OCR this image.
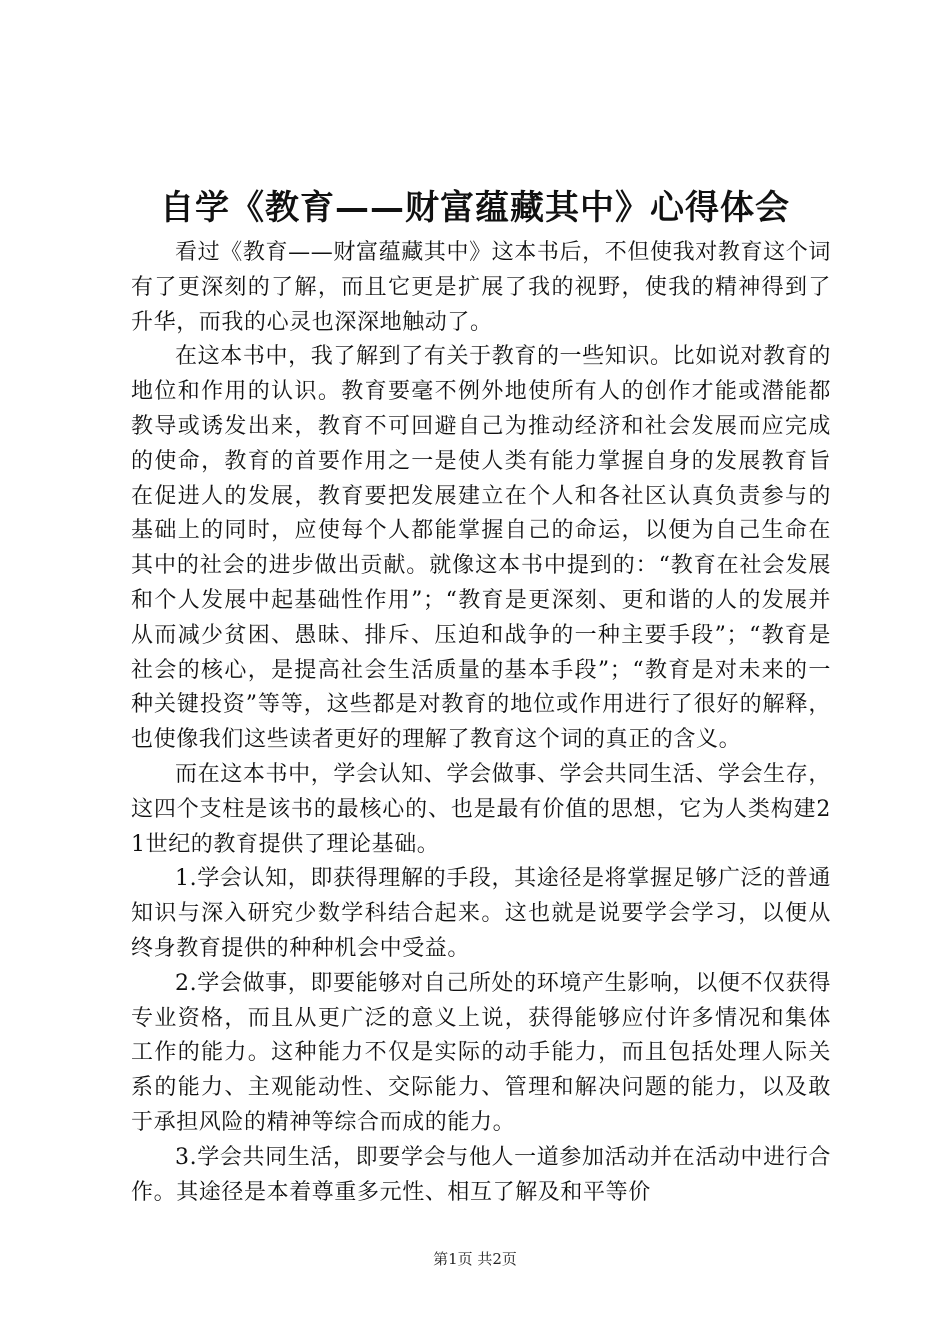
自学《教育——财富蕴藏其中》心得体会

看过《教育——财富蕴藏其中》这本书后，不但使我对教育这个词有了更深刻的了解，而且它更是扩展了我的视野，使我的精神得到了升华，而我的心灵也深深地触动了。

在这本书中，我了解到了有关于教育的一些知识。比如说对教育的地位和作用的认识。教育要毫不例外地使所有人的创作才能或潜能都教导或诱发出来，教育不可回避自己为推动经济和社会发展而应完成的使命，教育的首要作用之一是使人类有能力掌握自身的发展教育旨在促进人的发展，教育要把发展建立在个人和各社区认真负责参与的基础上的同时，应使每个人都能掌握自己的命运，以便为自己生命在其中的社会的进步做出贡献。就像这本书中提到的：“教育在社会发展和个人发展中起基础性作用”；“教育是更深刻、更和谐的人的发展并从而减少贫困、愚昧、排斥、压迫和战争的一种主要手段”；“教育是社会的核心，是提高社会生活质量的基本手段”；“教育是对未来的一种关键投资”等等，这些都是对教育的地位或作用进行了很好的解释，也使像我们这些读者更好的理解了教育这个词的真正的含义。

而在这本书中，学会认知、学会做事、学会共同生活、学会生存，这四个支柱是该书的最核心的、也是最有价值的思想，它为人类构建21世纪的教育提供了理论基础。

1.学会认知，即获得理解的手段，其途径是将掌握足够广泛的普通知识与深入研究少数学科结合起来。这也就是说要学会学习，以便从终身教育提供的种种机会中受益。

2.学会做事，即要能够对自己所处的环境产生影响，以便不仅获得专业资格，而且从更广泛的意义上说，获得能够应付许多情况和集体工作的能力。这种能力不仅是实际的动手能力，而且包括处理人际关系的能力、主观能动性、交际能力、管理和解决问题的能力，以及敢于承担风险的精神等综合而成的能力。

3.学会共同生活，即要学会与他人一道参加活动并在活动中进行合作。其途径是本着尊重多元性、相互了解及和平等价

第1页 共2页
